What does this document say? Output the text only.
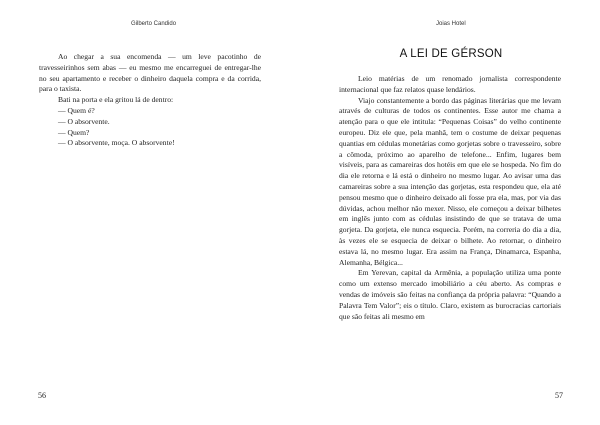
Gilberto Candido

Ao chegar a sua encomenda — um leve pacotinho de travesseirinhos sem abas — eu mesmo me encarreguei de entregar-lhe no seu apartamento e receber o dinheiro daquela compra e da corrida, para o taxista.

Bati na porta e ela gritou lá de dentro:

— Quem é?

— O absorvente.

— Quem?

— O absorvente, moça. O absorvente!

56
Joias Hotel
A LEI DE GÉRSON

Leio matérias de um renomado jornalista correspondente internacional que faz relatos quase lendários.

Viajo constantemente a bordo das páginas literárias que me levam através de culturas de todos os continentes. Esse autor me chama a atenção para o que ele intitula: “Pequenas Coisas” do velho continente europeu. Diz ele que, pela manhã, tem o costume de deixar pequenas quantias em cédulas monetárias como gorjetas sobre o travesseiro, sobre a cômoda, próximo ao aparelho de telefone... Enfim, lugares bem visíveis, para as camareiras dos hotéis em que ele se hospeda. No fim do dia ele retorna e lá está o dinheiro no mesmo lugar. Ao avisar uma das camareiras sobre a sua intenção das gorjetas, esta respondeu que, ela até pensou mesmo que o dinheiro deixado ali fosse pra ela, mas, por via das dúvidas, achou melhor não mexer. Nisso, ele começou a deixar bilhetes em inglês junto com as cédulas insistindo de que se tratava de uma gorjeta. Da gorjeta, ele nunca esquecia. Porém, na correria do dia a dia, às vezes ele se esquecia de deixar o bilhete. Ao retornar, o dinheiro estava lá, no mesmo lugar. Era assim na França, Dinamarca, Espanha, Alemanha, Bélgica...

Em Yerevan, capital da Armênia, a população utiliza uma ponte como um extenso mercado imobiliário a céu aberto. As compras e vendas de imóveis são feitas na confiança da própria palavra: “Quando a Palavra Tem Valor”; eis o título. Claro, existem as burocracias cartoriais que são feitas ali mesmo em

57
